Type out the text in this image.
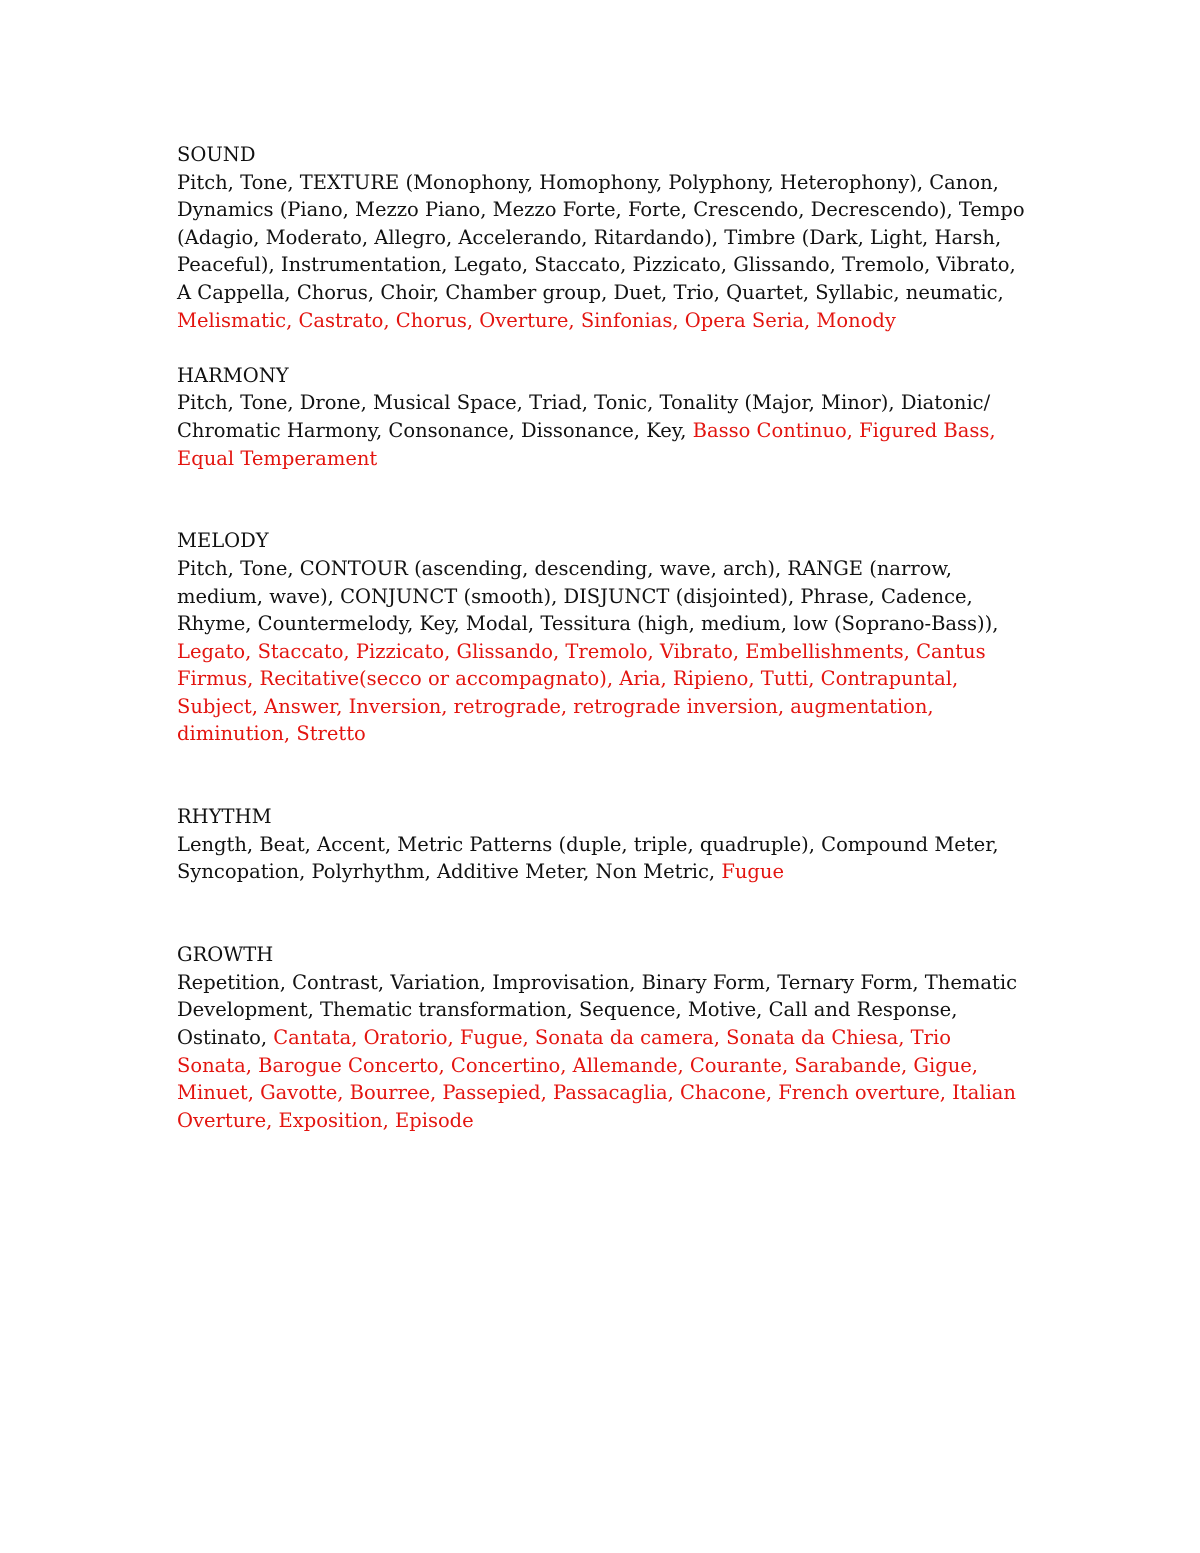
SOUND
Pitch, Tone, TEXTURE (Monophony, Homophony, Polyphony, Heterophony), Canon, Dynamics (Piano, Mezzo Piano, Mezzo Forte, Forte, Crescendo, Decrescendo), Tempo (Adagio, Moderato, Allegro, Accelerando, Ritardando), Timbre (Dark, Light, Harsh, Peaceful), Instrumentation, Legato, Staccato, Pizzicato, Glissando, Tremolo, Vibrato, A Cappella, Chorus, Choir, Chamber group, Duet, Trio, Quartet, Syllabic, neumatic, Melismatic, Castrato, Chorus, Overture, Sinfonias, Opera Seria, Monody
HARMONY
Pitch, Tone, Drone, Musical Space, Triad, Tonic, Tonality (Major, Minor), Diatonic/ Chromatic Harmony, Consonance, Dissonance, Key, Basso Continuo, Figured Bass, Equal Temperament
MELODY
Pitch, Tone, CONTOUR (ascending, descending, wave, arch), RANGE (narrow, medium, wave), CONJUNCT (smooth), DISJUNCT (disjointed), Phrase, Cadence, Rhyme, Countermelody, Key, Modal, Tessitura (high, medium, low (Soprano-Bass)), Legato, Staccato, Pizzicato, Glissando, Tremolo, Vibrato, Embellishments, Cantus Firmus, Recitative(secco or accompagnato), Aria, Ripieno, Tutti, Contrapuntal, Subject, Answer, Inversion, retrograde, retrograde inversion, augmentation, diminution, Stretto
RHYTHM
Length, Beat, Accent, Metric Patterns (duple, triple, quadruple), Compound Meter, Syncopation, Polyrhythm, Additive Meter, Non Metric, Fugue
GROWTH
Repetition, Contrast, Variation, Improvisation, Binary Form, Ternary Form, Thematic Development, Thematic transformation, Sequence, Motive, Call and Response, Ostinato, Cantata, Oratorio, Fugue, Sonata da camera, Sonata da Chiesa, Trio Sonata, Barogue Concerto, Concertino, Allemande, Courante, Sarabande, Gigue, Minuet, Gavotte, Bourree, Passepied, Passacaglia, Chacone, French overture, Italian Overture, Exposition, Episode
